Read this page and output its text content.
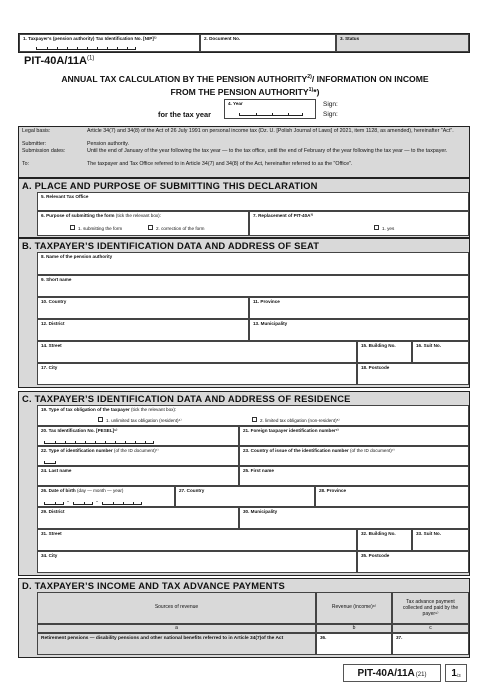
1. Taxpayer's (pension authority) Tax Identification No. [NIP]¹⁾	2. Document No.	3. Status
PIT-$40A/11A^{(1)}$
ANNUAL TAX CALCULATION BY THE PENSION AUTHORITY$^{2)}$/ INFORMATION ON INCOME
FROM THE PENSION AUTHORITY$^{1)}$*)
for the tax year
4. Year	Sign:
Sign:
Legal basis:	Article 34(7) and 34(8) of the Act of 26 July 1991 on personal income tax (Dz. U. [Polish Journal of Laws] of 2021, item 1128, as amended), hereinafter "Act".
Submitter:	Pension authority.
Submission dates:	Until the end of January of the year following the tax year — to the tax office, until the end of February of the year following the tax year — to the taxpayer.
To:	The taxpayer and Tax Office referred to in Article 34(7) and 34(8) of the Act, hereinafter referred to as the "Office".
A. PLACE AND PURPOSE OF SUBMITTING THIS DECLARATION
5. Relevant Tax Office
6. Purpose of submitting the form (tick the relevant box):
1. submitting the form	2. correction of the form
7. Replacement of PIT-40A³⁾
1. yes
B. TAXPAYER’S IDENTIFICATION DATA AND ADDRESS OF SEAT
8. Name of the pension authority
9. Short name
10. Country	11. Province
12. District	13. Municipality
14. Street	15. Building No.	16. Suit No.
17. City	18. Postcode
C. TAXPAYER’S IDENTIFICATION DATA AND ADDRESS OF RESIDENCE
19. Type of tax obligation of the taxpayer (tick the relevant box):
1. unlimited tax obligation (resident)⁴⁾	2. limited tax obligation (non-resident)⁵⁾
20. Tax Identification No. [PESEL]⁶⁾	21. Foreign taxpayer identification number⁷⁾
22. Type of identification number (of the ID document)⁷⁾	23. Country of issue of the identification number (of the ID document)⁷⁾
24. Last name	25. First name
26. Date of birth (day — month — year)
-	-
27. Country	28. Province
29. District	30. Municipality
31. Street	32. Building No.	33. Suit No.
34. City	35. Postcode
D. TAXPAYER’S INCOME AND TAX ADVANCE PAYMENTS
Sources of revenue	Revenue (income)⁸⁾
Tax advance payment collected and paid by the payer⁹⁾
a	b	c
Retirement pensions — disability pensions and other national benefits referred to in Article 34(7)of the Act	36.	37.
PIT-40A/11A (21) 1 /3
